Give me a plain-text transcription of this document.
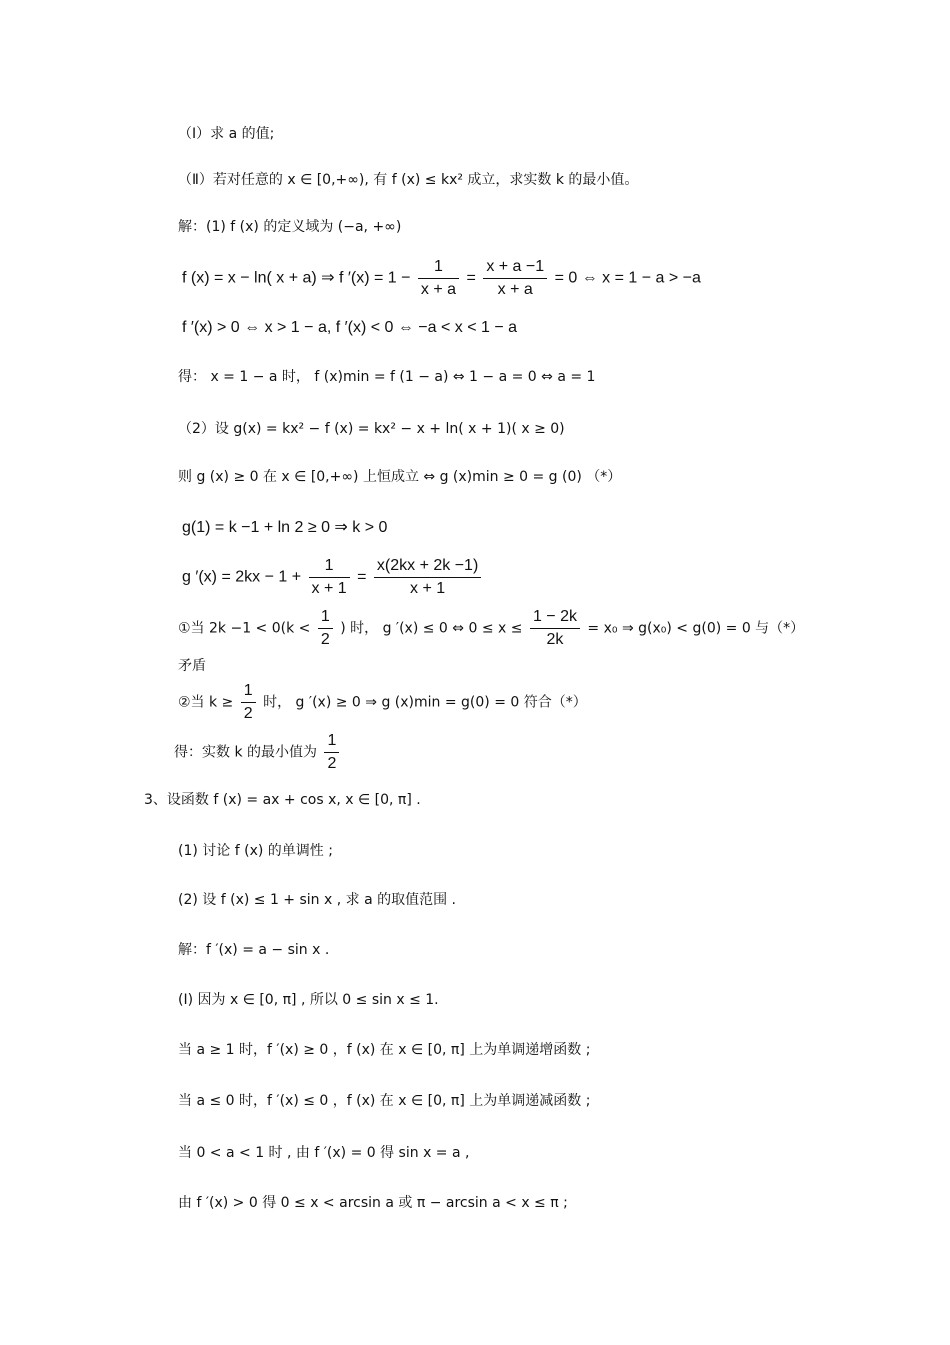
（Ⅰ）求 a 的值;
（Ⅱ）若对任意的 x ∈ [0,+∞), 有 f (x) ≤ kx² 成立，求实数 k 的最小值。
解：(1) f (x) 的定义域为 (−a, +∞)
f (x) = x − ln( x + a) ⇒ f $'(x) = 1 - \frac{1}{x + a} = \frac{x + a -1}{x + a} = 0$ ⇔ x = 1 − a > −a
f ′(x) > 0 ⇔ x > 1 − a, f ′(x) < 0 ⇔ −a < x < 1 − a
得： x = 1 − a 时， f (x)min = f (1 − a) ⇔ 1 − a = 0 ⇔ a = 1
（2）设 g(x) = kx² − f (x) = kx² − x + ln( x + 1)( x ≥ 0)
则 g (x) ≥ 0 在 x ∈ [0,+∞) 上恒成立 ⇔ g (x)min ≥ 0 = g (0) （*）
g(1) = k −1 + ln 2 ≥ 0 ⇒ k > 0
g $'(x) = 2kx - 1 + \frac{1}{x + 1} = \frac{x(2kx + 2k -1)}{x + 1}$
①当 $2k -1 < 0(k < \frac{1}{2}$ ) 时， g ′(x) ≤ 0 ⇔ $0 \le x \le \frac{1 - 2k}{2k} = x_0$ ⇒ g(x₀) < g(0) = 0 与（*）
矛盾
②当 $k \ge \frac{1}{2}$ 时， g ′(x) ≥ 0 ⇒ g (x)min = g(0) = 0 符合（*）
得：实数 k 的最小值为 $\frac{1}{2}$
3、设函数 f (x) = ax + cos x, x ∈ [0, π] .
(1) 讨论 f (x) 的单调性 ;
(2) 设 f (x) ≤ 1 + sin x , 求 a 的取值范围 .
解：f ′(x) = a − sin x .
(Ⅰ) 因为 x ∈ [0, π] , 所以 0 ≤ sin x ≤ 1.
当 a ≥ 1 时，f ′(x) ≥ 0 ，f (x) 在 x ∈ [0, π] 上为单调递增函数 ;
当 a ≤ 0 时，f ′(x) ≤ 0 ，f (x) 在 x ∈ [0, π] 上为单调递减函数 ;
当 0 < a < 1 时 , 由 f ′(x) = 0 得 sin x = a ,
由 f ′(x) > 0 得 0 ≤ x < arcsin a 或 π − arcsin a < x ≤ π ;
